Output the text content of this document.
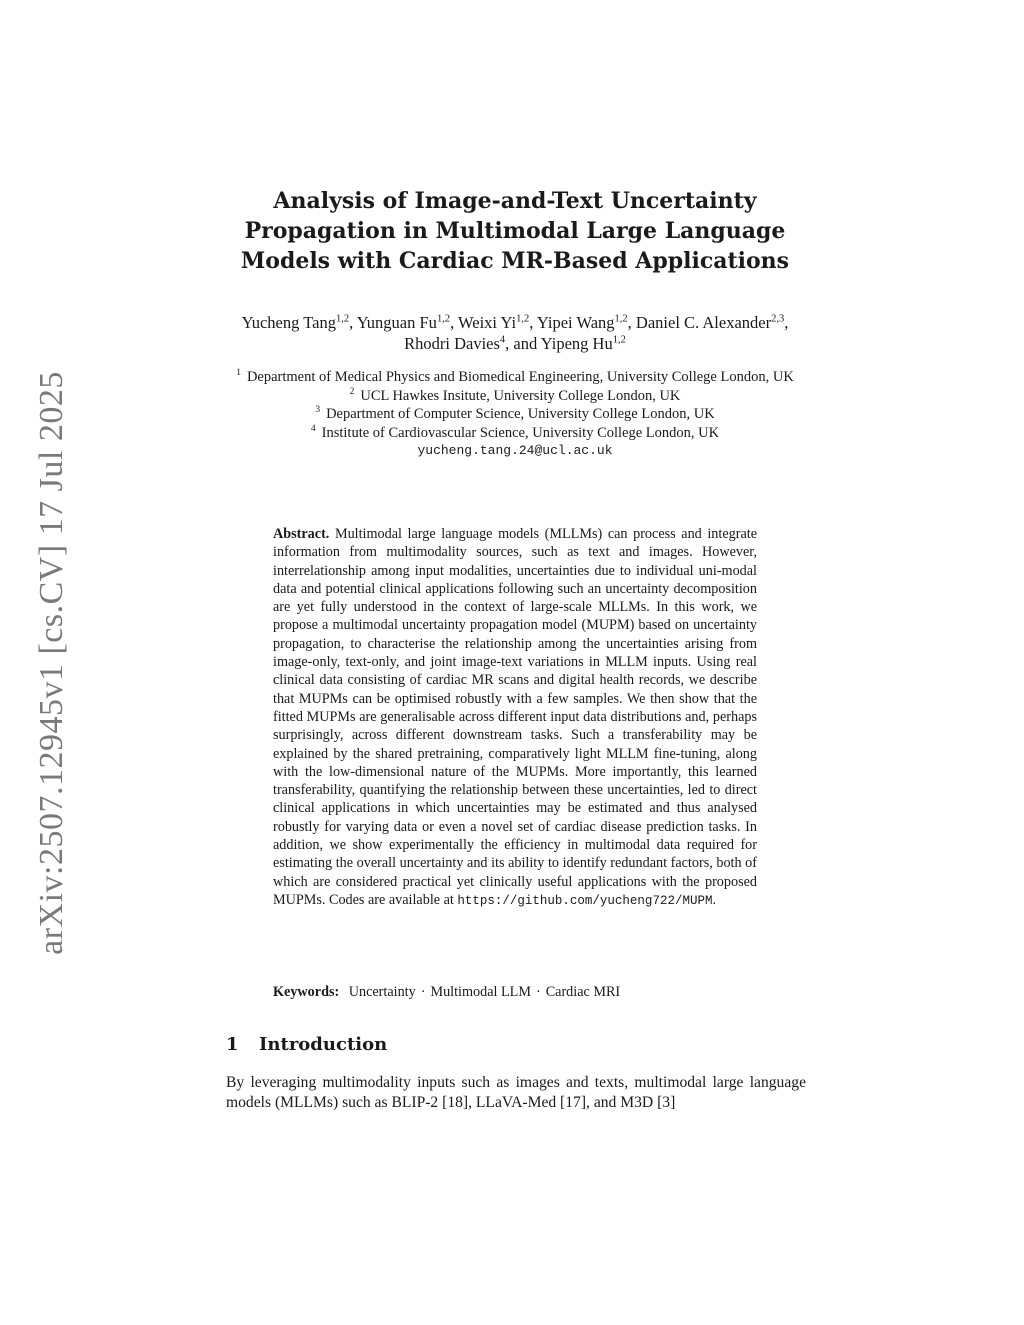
arXiv:2507.12945v1 [cs.CV] 17 Jul 2025
Analysis of Image-and-Text Uncertainty Propagation in Multimodal Large Language Models with Cardiac MR-Based Applications
Yucheng Tang$^{1,2}$, Yunguan Fu$^{1,2}$, Weixi Yi$^{1,2}$, Yipei Wang$^{1,2}$, Daniel C. Alexander$^{2,3}$, Rhodri Davies$^4$, and Yipeng Hu$^{1,2}$
$^1$ Department of Medical Physics and Biomedical Engineering, University College London, UK
$^2$ UCL Hawkes Insitute, University College London, UK
$^3$ Department of Computer Science, University College London, UK
$^4$ Institute of Cardiovascular Science, University College London, UK
yucheng.tang.24@ucl.ac.uk
Abstract. Multimodal large language models (MLLMs) can process and integrate information from multimodality sources, such as text and images. However, interrelationship among input modalities, uncertainties due to individual uni-modal data and potential clinical applications following such an uncertainty decomposition are yet fully understood in the context of large-scale MLLMs. In this work, we propose a multimodal uncertainty propagation model (MUPM) based on uncertainty propagation, to characterise the relationship among the uncertainties arising from image-only, text-only, and joint image-text variations in MLLM inputs. Using real clinical data consisting of cardiac MR scans and digital health records, we describe that MUPMs can be optimised robustly with a few samples. We then show that the fitted MUPMs are generalisable across different input data distributions and, perhaps surprisingly, across different downstream tasks. Such a transferability may be explained by the shared pretraining, comparatively light MLLM fine-tuning, along with the low-dimensional nature of the MUPMs. More importantly, this learned transferability, quantifying the relationship between these uncertainties, led to direct clinical applications in which uncertainties may be estimated and thus analysed robustly for varying data or even a novel set of cardiac disease prediction tasks. In addition, we show experimentally the efficiency in multimodal data required for estimating the overall uncertainty and its ability to identify redundant factors, both of which are considered practical yet clinically useful applications with the proposed MUPMs. Codes are available at https://github.com/yucheng722/MUPM.
Keywords: Uncertainty · Multimodal LLM · Cardiac MRI
1 Introduction
By leveraging multimodality inputs such as images and texts, multimodal large language models (MLLMs) such as BLIP-2 [18], LLaVA-Med [17], and M3D [3]
